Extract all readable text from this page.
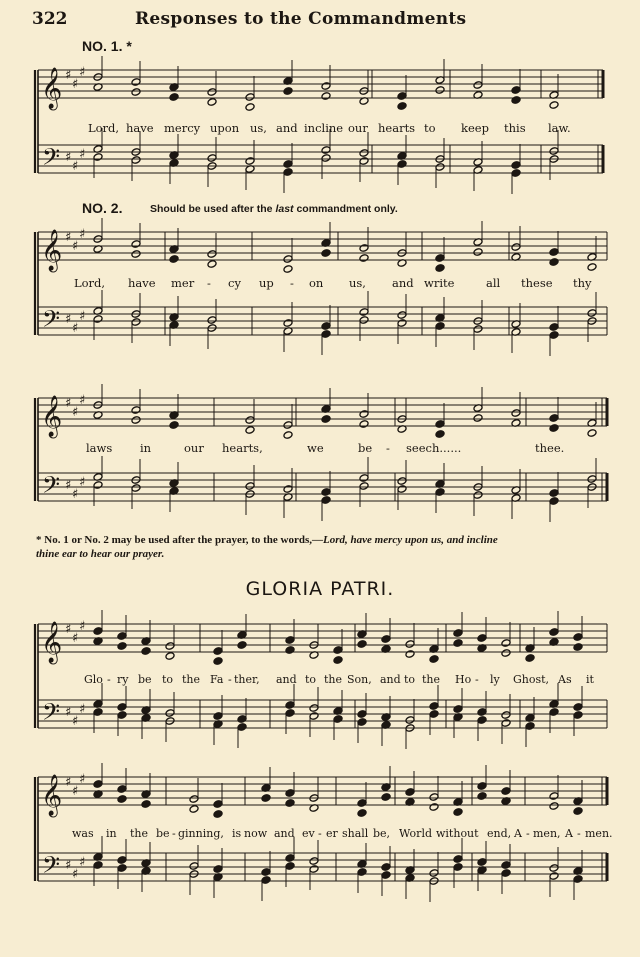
322	Responses to the Commandments
NO. 1. *
NO. 2.	Should be used after the last commandment only.
* No. 1 or No. 2 may be used after the prayer, to the words,—Lord, have mercy upon us, and incline
thine ear to hear our prayer.
GLORIA PATRI.
Lord, have mercy upon us, and incline our hearts to keep this law.
Lord, have mer - cy up - on us, and write	all these thy
laws in	our hearts,	we	be - seech......	thee.
Glo - ry be to the Fa - ther, and to the Son, and to the Ho - ly Ghost, As it
was in the be - ginning, is now and ev - er shall be, World without end, A - men, A - men.
𝄞
𝄢
♯
♯
♯
♯
♯
♯
𝄞
𝄢
♯
♯
♯
♯
♯
♯
𝄞
𝄢
♯
♯
♯
♯
♯
♯
𝄞
𝄢
♯
♯
♯
♯
♯
♯
𝄞
𝄢
♯
♯
♯
♯
♯
♯
